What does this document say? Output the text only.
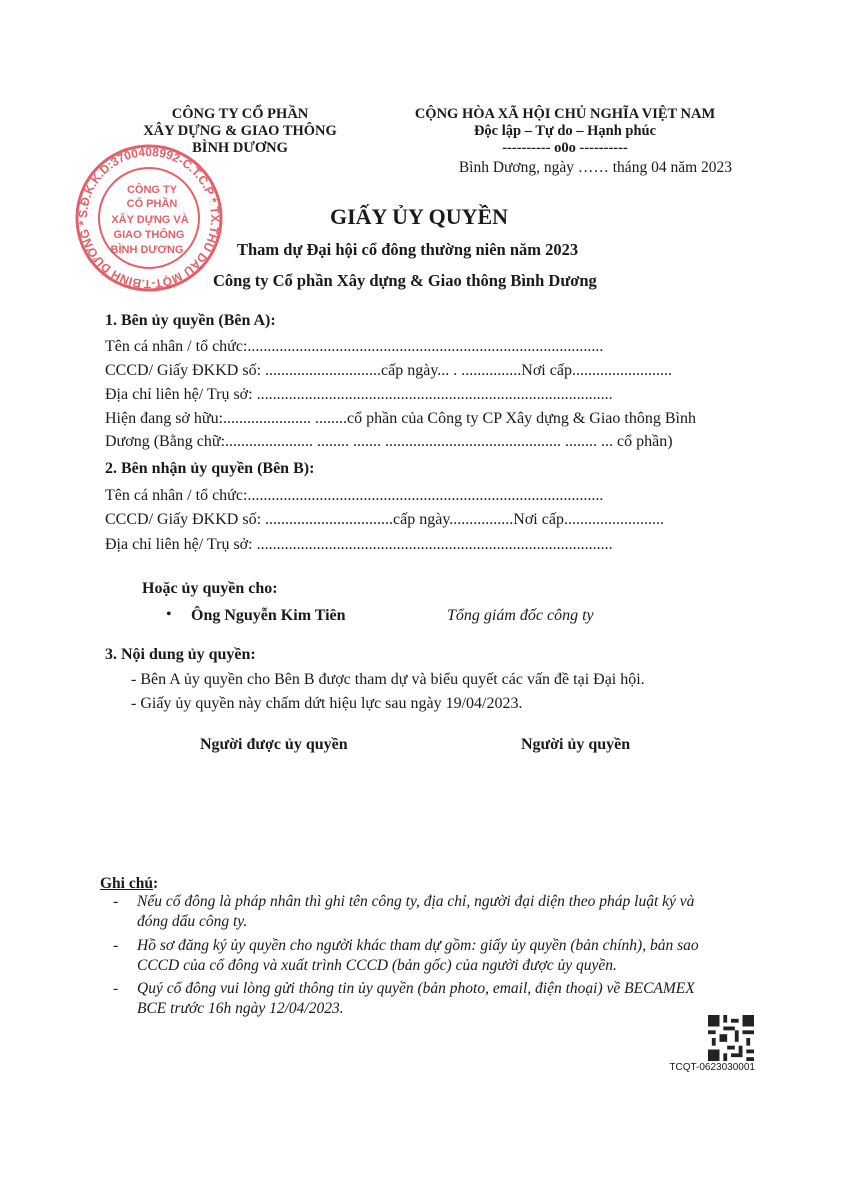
CÔNG TY CỔ PHẦN
XÂY DỰNG & GIAO THÔNG
BÌNH DƯƠNG
CỘNG HÒA XÃ HỘI CHỦ NGHĨA VIỆT NAM
Độc lập – Tự do – Hạnh phúc
---------- o0o ----------
Bình Dương, ngày …… tháng 04 năm 2023
S.Đ.K.K.D:3700408992-C.T.C.P * TX.THỦ DẦU MỘT-T.BÌNH DƯƠNG *
CÔNG TY
CỔ PHẦN
XÂY DỰNG VÀ
GIAO THÔNG
BÌNH DƯƠNG
GIẤY ỦY QUYỀN
Tham dự Đại hội cổ đông thường niên năm 2023
Công ty Cổ phần Xây dựng & Giao thông Bình Dương
1. Bên ủy quyền (Bên A):
Tên cá nhân / tổ chức:.........................................................................................
CCCD/ Giấy ĐKKD số: .............................cấp ngày... . ...............Nơi cấp.........................
Địa chỉ liên hệ/ Trụ sở: .........................................................................................
Hiện đang sở hữu:...................... ........cổ phần của Công ty CP Xây dựng & Giao thông Bình
Dương (Bằng chữ:...................... ........ ....... ............................................ ........ ... cổ phần)
2. Bên nhận ủy quyền (Bên B):
Tên cá nhân / tổ chức:.........................................................................................
CCCD/ Giấy ĐKKD số: ................................cấp ngày................Nơi cấp.........................
Địa chỉ liên hệ/ Trụ sở: .........................................................................................
Hoặc ủy quyền cho:
• Ông Nguyễn Kim Tiên	Tổng giám đốc công ty
3. Nội dung ủy quyền:
- Bên A ủy quyền cho Bên B được tham dự và biểu quyết các vấn đề tại Đại hội.
- Giấy ủy quyền này chấm dứt hiệu lực sau ngày 19/04/2023.
Người được ủy quyền	Người ủy quyền
Ghi chú:
- Nếu cổ đông là pháp nhân thì ghi tên công ty, địa chỉ, người đại diện theo pháp luật ký và
đóng dấu công ty.
- Hồ sơ đăng ký ủy quyền cho người khác tham dự gồm: giấy ủy quyền (bản chính), bản sao
CCCD của cổ đông và xuất trình CCCD (bản gốc) của người được ủy quyền.
- Quý cổ đông vui lòng gửi thông tin ủy quyền (bản photo, email, điện thoại) về BECAMEX
BCE trước 16h ngày 12/04/2023.
TCQT-0623030001
